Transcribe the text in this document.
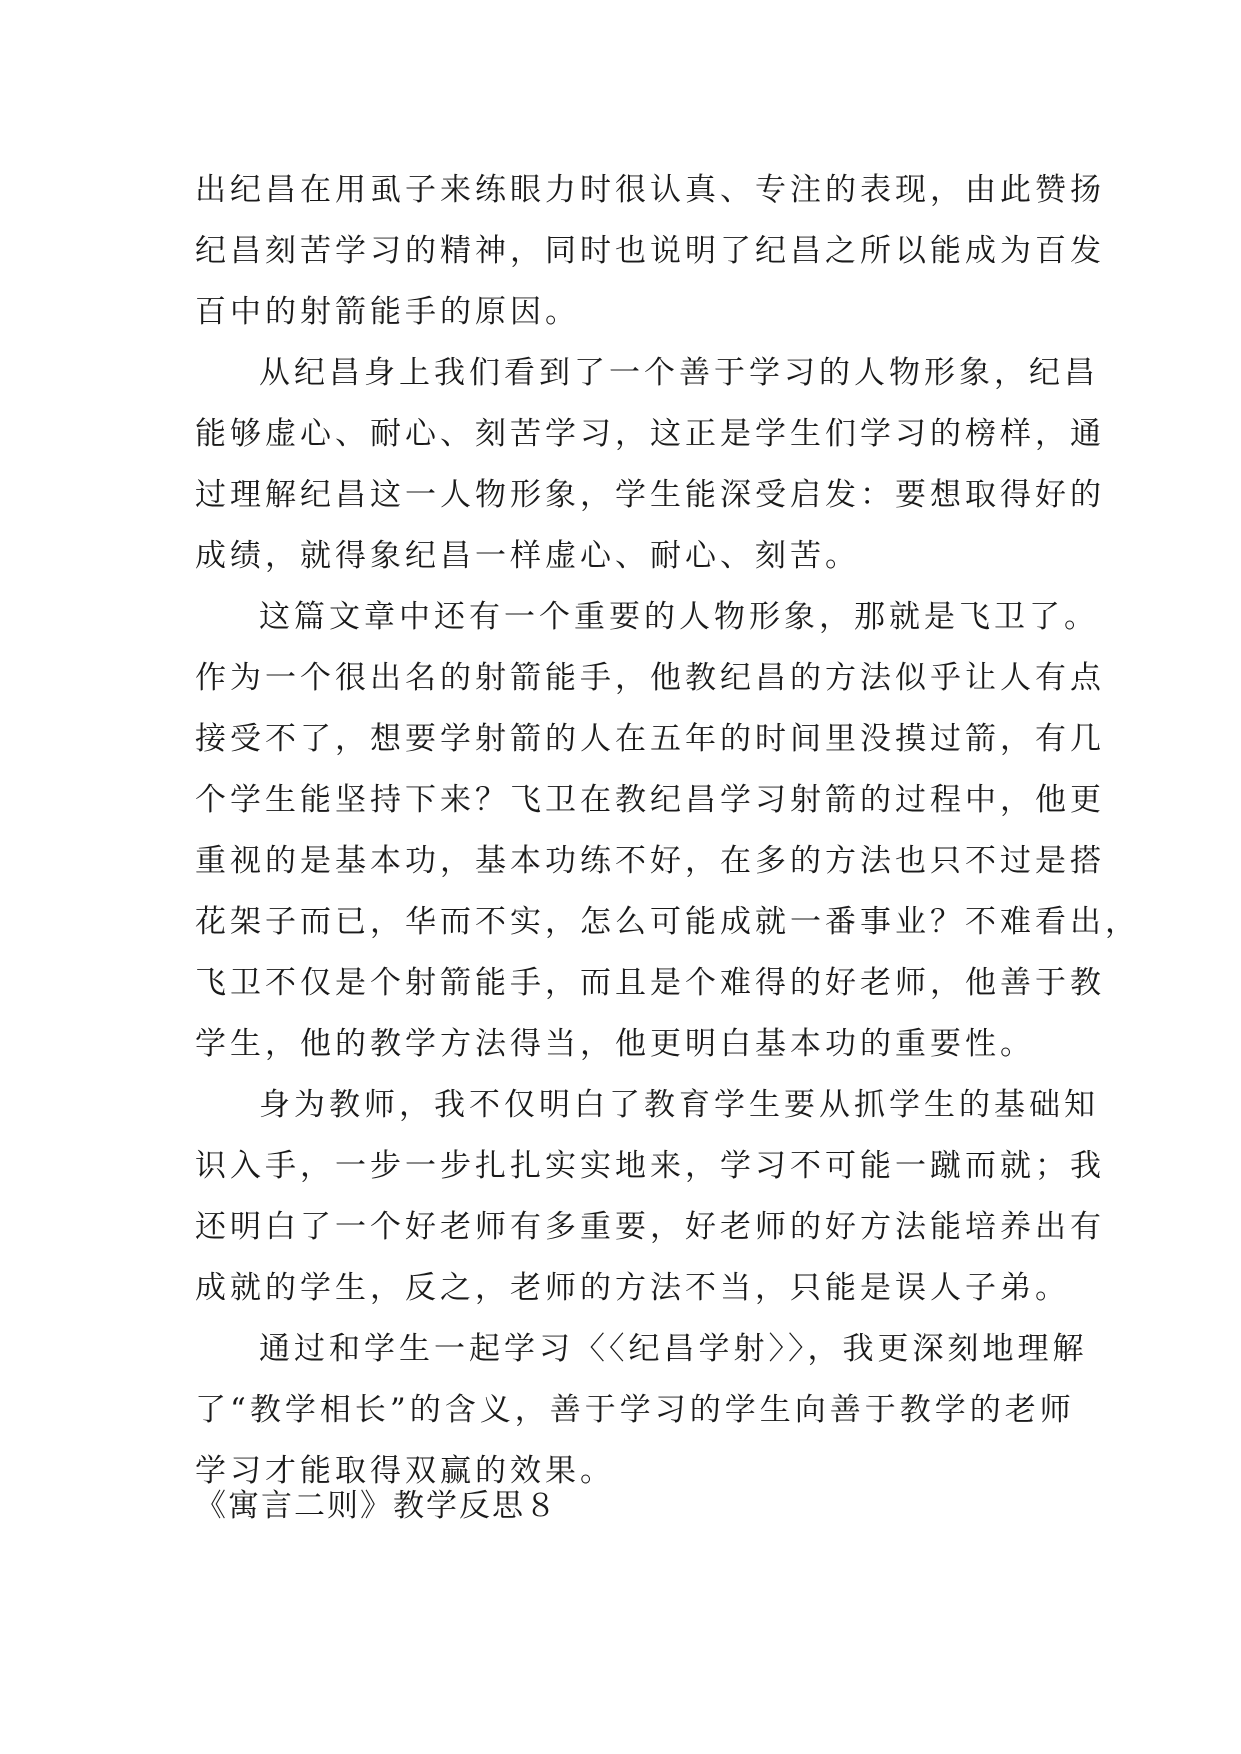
出纪昌在用虱子来练眼力时很认真、专注的表现，由此赞扬
纪昌刻苦学习的精神，同时也说明了纪昌之所以能成为百发
百中的射箭能手的原因。
从纪昌身上我们看到了一个善于学习的人物形象，纪昌
能够虚心、耐心、刻苦学习，这正是学生们学习的榜样，通
过理解纪昌这一人物形象，学生能深受启发：要想取得好的
成绩，就得象纪昌一样虚心、耐心、刻苦。
这篇文章中还有一个重要的人物形象，那就是飞卫了。
作为一个很出名的射箭能手，他教纪昌的方法似乎让人有点
接受不了，想要学射箭的人在五年的时间里没摸过箭，有几
个学生能坚持下来？飞卫在教纪昌学习射箭的过程中，他更
重视的是基本功，基本功练不好，在多的方法也只不过是搭
花架子而已，华而不实，怎么可能成就一番事业？不难看出，
飞卫不仅是个射箭能手，而且是个难得的好老师，他善于教
学生，他的教学方法得当，他更明白基本功的重要性。
身为教师，我不仅明白了教育学生要从抓学生的基础知
识入手，一步一步扎扎实实地来，学习不可能一蹴而就；我
还明白了一个好老师有多重要，好老师的好方法能培养出有
成就的学生，反之，老师的方法不当，只能是误人子弟。
通过和学生一起学习〈〈纪昌学射〉〉，我更深刻地理解
了“教学相长”的含义，善于学习的学生向善于教学的老师
学习才能取得双赢的效果。
《寓言二则》教学反思８
